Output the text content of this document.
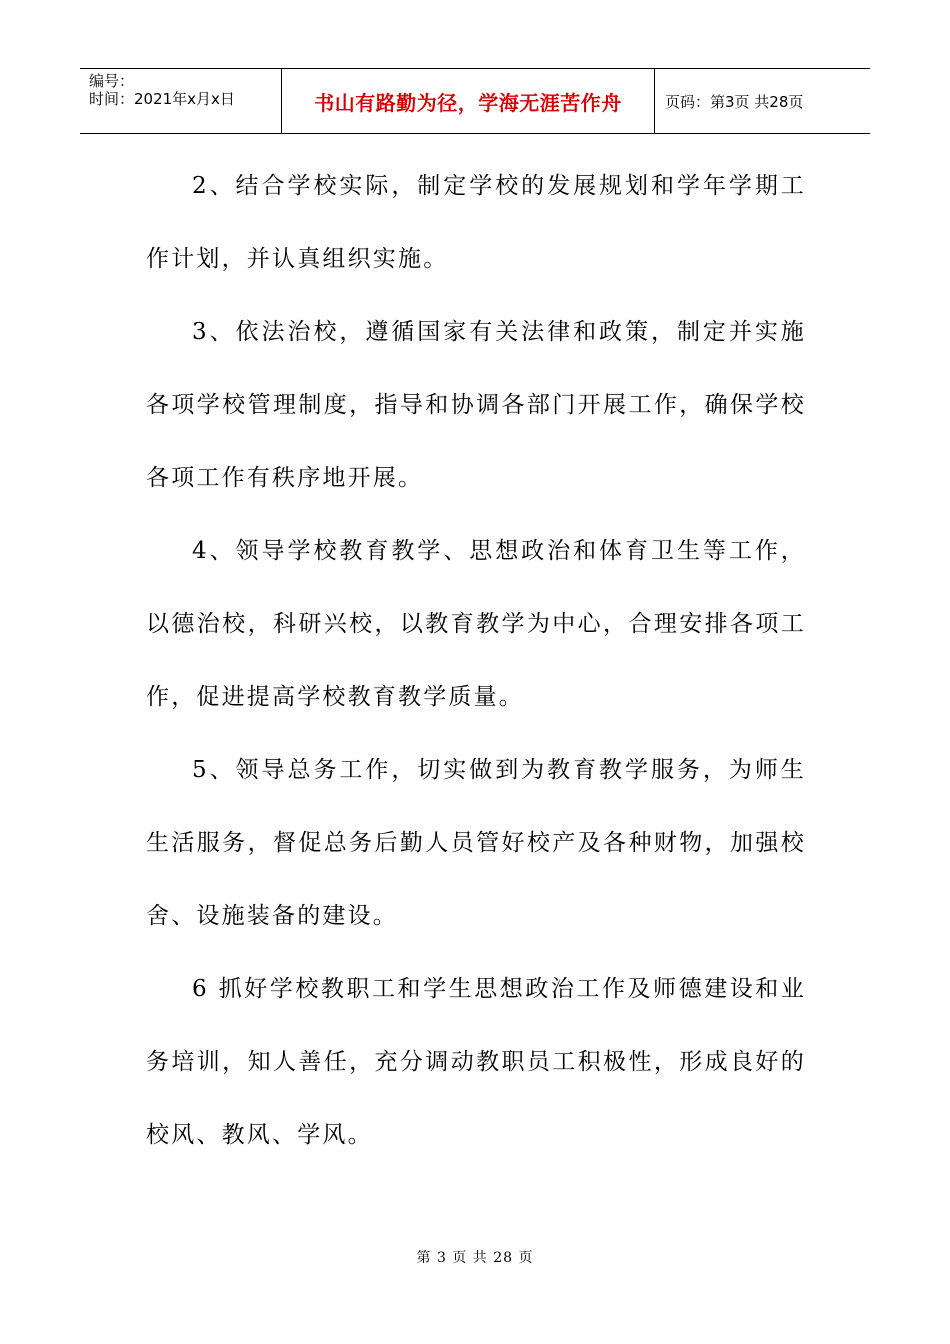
编号：
时间：2021年x月x日	书山有路勤为径，学海无涯苦作舟	页码：第3页 共28页

2、结合学校实际，制定学校的发展规划和学年学期工作计划，并认真组织实施。

3、依法治校，遵循国家有关法律和政策，制定并实施各项学校管理制度，指导和协调各部门开展工作，确保学校各项工作有秩序地开展。

4、领导学校教育教学、思想政治和体育卫生等工作，以德治校，科研兴校，以教育教学为中心，合理安排各项工作，促进提高学校教育教学质量。

5、领导总务工作，切实做到为教育教学服务，为师生生活服务，督促总务后勤人员管好校产及各种财物，加强校舍、设施装备的建设。

6 抓好学校教职工和学生思想政治工作及师德建设和业务培训，知人善任，充分调动教职员工积极性，形成良好的校风、教风、学风。

第 3 页 共 28 页
